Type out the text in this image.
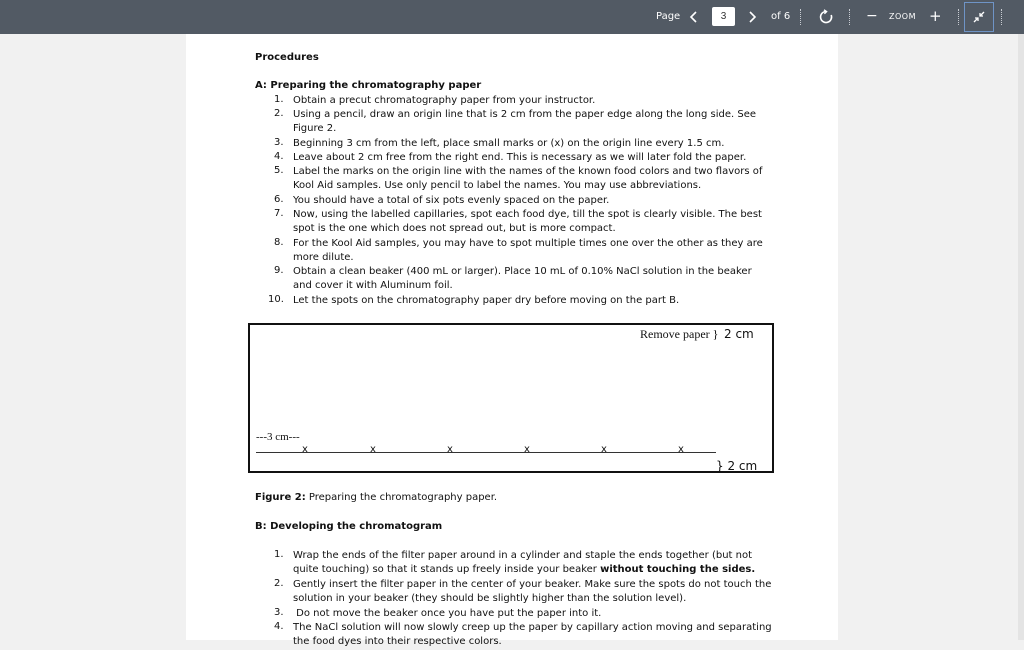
Page	3	of 6	− ZOOM +
Procedures
A: Preparing the chromatography paper
1. Obtain a precut chromatography paper from your instructor.
2. Using a pencil, draw an origin line that is 2 cm from the paper edge along the long side. See Figure 2.
3. Beginning 3 cm from the left, place small marks or (x) on the origin line every 1.5 cm.
4. Leave about 2 cm free from the right end. This is necessary as we will later fold the paper.
5. Label the marks on the origin line with the names of the known food colors and two flavors of Kool Aid samples. Use only pencil to label the names. You may use abbreviations.
6. You should have a total of six pots evenly spaced on the paper.
7. Now, using the labelled capillaries, spot each food dye, till the spot is clearly visible. The best spot is the one which does not spread out, but is more compact.
8. For the Kool Aid samples, you may have to spot multiple times one over the other as they are more dilute.
9. Obtain a clean beaker (400 mL or larger). Place 10 mL of 0.10% NaCl solution in the beaker and cover it with Aluminum foil.
10. Let the spots on the chromatography paper dry before moving on the part B.
Remove paper } 2 cm
---3 cm---
x	x	x	x	x	x
} 2 cm
Figure 2: Preparing the chromatography paper.
B: Developing the chromatogram
1. Wrap the ends of the filter paper around in a cylinder and staple the ends together (but not quite touching) so that it stands up freely inside your beaker without touching the sides.
2. Gently insert the filter paper in the center of your beaker. Make sure the spots do not touch the solution in your beaker (they should be slightly higher than the solution level).
3. Do not move the beaker once you have put the paper into it.
4. The NaCl solution will now slowly creep up the paper by capillary action moving and separating the food dyes into their respective colors.
